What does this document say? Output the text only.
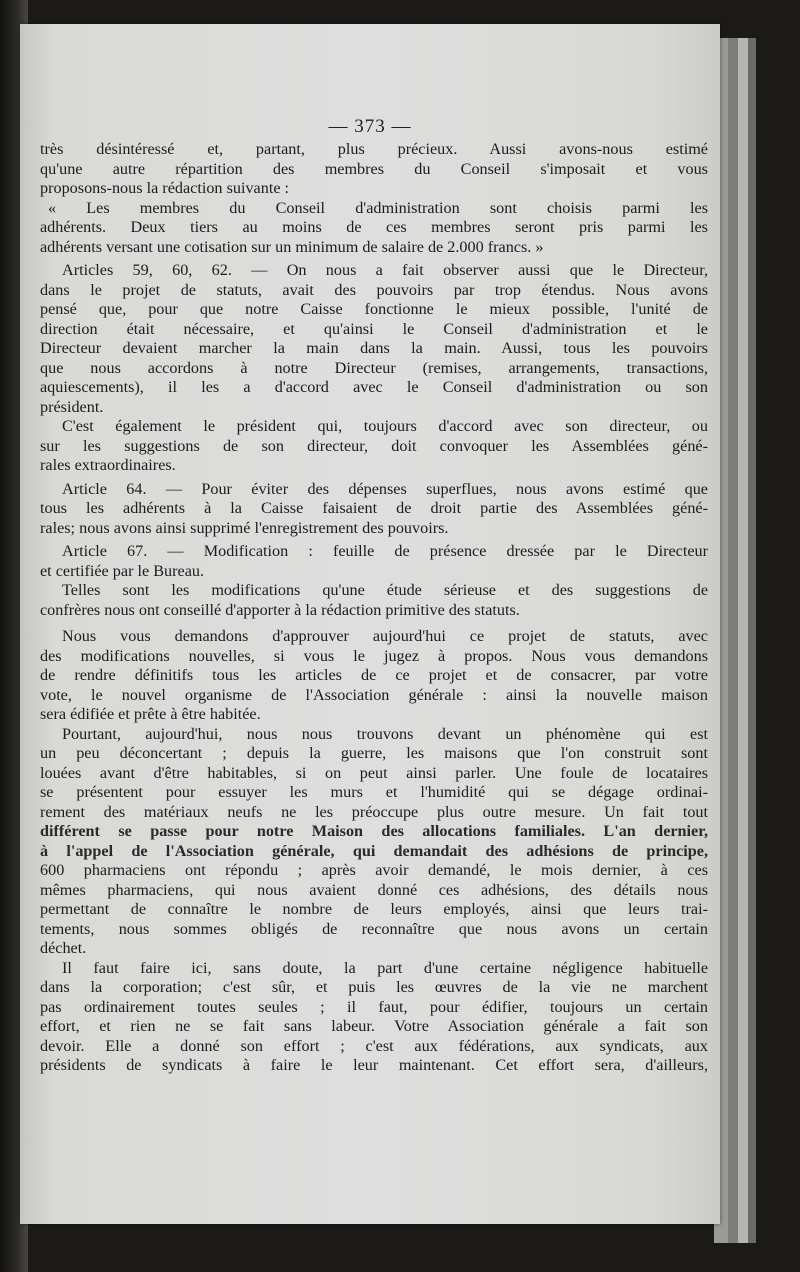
— 373 —
très désintéressé et, partant, plus précieux. Aussi avons-nous estimé
qu'une autre répartition des membres du Conseil s'imposait et vous
proposons-nous la rédaction suivante :
« Les membres du Conseil d'administration sont choisis parmi les
adhérents. Deux tiers au moins de ces membres seront pris parmi les
adhérents versant une cotisation sur un minimum de salaire de 2.000 francs. »
Articles 59, 60, 62. — On nous a fait observer aussi que le Directeur,
dans le projet de statuts, avait des pouvoirs par trop étendus. Nous avons
pensé que, pour que notre Caisse fonctionne le mieux possible, l'unité de
direction était nécessaire, et qu'ainsi le Conseil d'administration et le
Directeur devaient marcher la main dans la main. Aussi, tous les pouvoirs
que nous accordons à notre Directeur (remises, arrangements, transactions,
aquiescements), il les a d'accord avec le Conseil d'administration ou son
président.
C'est également le président qui, toujours d'accord avec son directeur, ou
sur les suggestions de son directeur, doit convoquer les Assemblées géné-
rales extraordinaires.
Article 64. — Pour éviter des dépenses superflues, nous avons estimé que
tous les adhérents à la Caisse faisaient de droit partie des Assemblées géné-
rales; nous avons ainsi supprimé l'enregistrement des pouvoirs.
Article 67. — Modification : feuille de présence dressée par le Directeur
et certifiée par le Bureau.
Telles sont les modifications qu'une étude sérieuse et des suggestions de
confrères nous ont conseillé d'apporter à la rédaction primitive des statuts.
Nous vous demandons d'approuver aujourd'hui ce projet de statuts, avec
des modifications nouvelles, si vous le jugez à propos. Nous vous demandons
de rendre définitifs tous les articles de ce projet et de consacrer, par votre
vote, le nouvel organisme de l'Association générale : ainsi la nouvelle maison
sera édifiée et prête à être habitée.
Pourtant, aujourd'hui, nous nous trouvons devant un phénomène qui est
un peu déconcertant ; depuis la guerre, les maisons que l'on construit sont
louées avant d'être habitables, si on peut ainsi parler. Une foule de locataires
se présentent pour essuyer les murs et l'humidité qui se dégage ordinai-
rement des matériaux neufs ne les préoccupe plus outre mesure. Un fait tout
différent se passe pour notre Maison des allocations familiales. L'an dernier,
à l'appel de l'Association générale, qui demandait des adhésions de principe,
600 pharmaciens ont répondu ; après avoir demandé, le mois dernier, à ces
mêmes pharmaciens, qui nous avaient donné ces adhésions, des détails nous
permettant de connaître le nombre de leurs employés, ainsi que leurs trai-
tements, nous sommes obligés de reconnaître que nous avons un certain
déchet.
Il faut faire ici, sans doute, la part d'une certaine négligence habituelle
dans la corporation; c'est sûr, et puis les œuvres de la vie ne marchent
pas ordinairement toutes seules ; il faut, pour édifier, toujours un certain
effort, et rien ne se fait sans labeur. Votre Association générale a fait son
devoir. Elle a donné son effort ; c'est aux fédérations, aux syndicats, aux
présidents de syndicats à faire le leur maintenant. Cet effort sera, d'ailleurs,
